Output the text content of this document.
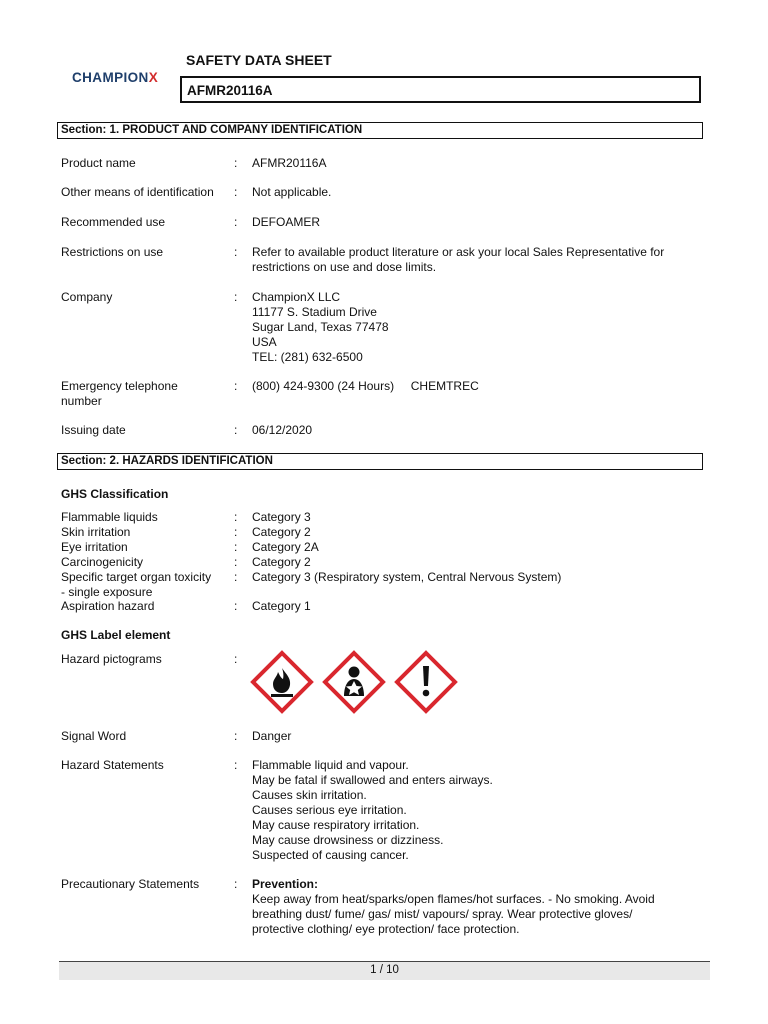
CHAMPIONX
SAFETY DATA SHEET
AFMR20116A
Section: 1. PRODUCT AND COMPANY IDENTIFICATION
Product name	: AFMR20116A
Other means of identification	: Not applicable.
Recommended use	: DEFOAMER
Restrictions on use	: Refer to available product literature or ask your local Sales Representative for
restrictions on use and dose limits.
Company	: ChampionX LLC
11177 S. Stadium Drive
Sugar Land, Texas 77478
USA
TEL: (281) 632-6500
Emergency telephone
number
: (800) 424-9300 (24 Hours)     CHEMTREC
Issuing date	: 06/12/2020
Section: 2. HAZARDS IDENTIFICATION
GHS Classification
Flammable liquids	: Category 3
Skin irritation	: Category 2
Eye irritation	: Category 2A
Carcinogenicity	: Category 2
Specific target organ toxicity
- single exposure
: Category 3 (Respiratory system, Central Nervous System)
Aspiration hazard	: Category 1
GHS Label element
Hazard pictograms	:
Signal Word	: Danger
Hazard Statements	: Flammable liquid and vapour.
May be fatal if swallowed and enters airways.
Causes skin irritation.
Causes serious eye irritation.
May cause respiratory irritation.
May cause drowsiness or dizziness.
Suspected of causing cancer.
Precautionary Statements	: Prevention:
Keep away from heat/sparks/open flames/hot surfaces. - No smoking. Avoid
breathing dust/ fume/ gas/ mist/ vapours/ spray. Wear protective gloves/
protective clothing/ eye protection/ face protection.
1 / 10
